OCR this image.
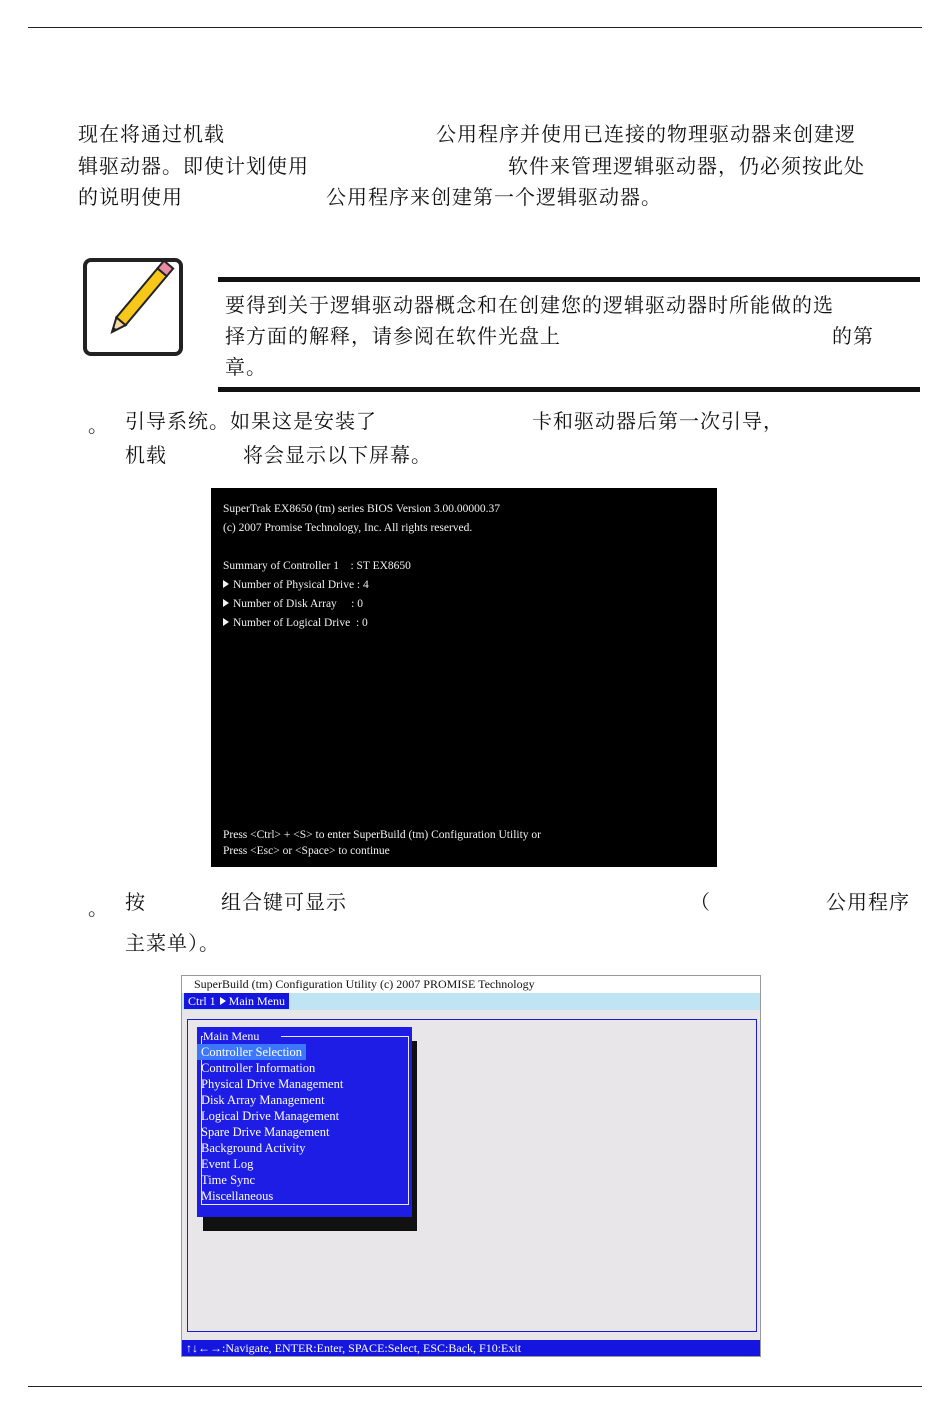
现在将通过机载	公用程序并使用已连接的物理驱动器来创建逻
辑驱动器。即使计划使用	软件来管理逻辑驱动器，仍必须按此处
的说明使用	公用程序来创建第一个逻辑驱动器。
要得到关于逻辑驱动器概念和在创建您的逻辑驱动器时所能做的选
择方面的解释，请参阅在软件光盘上	的第
章。
。 引导系统。如果这是安装了	卡和驱动器后第一次引导，
机载	将会显示以下屏幕。
SuperTrak EX8650 (tm) series BIOS Version 3.00.00000.37
(c) 2007 Promise Technology, Inc. All rights reserved.
Summary of Controller 1    : ST EX8650
Number of Physical Drive : 4
Number of Disk Array     : 0
Number of Logical Drive  : 0
Press <Ctrl> + <S> to enter SuperBuild (tm) Configuration Utility or
Press <Esc> or <Space> to continue
。 按	组合键可显示	（	公用程序
主菜单）。
SuperBuild (tm) Configuration Utility (c) 2007 PROMISE Technology
Ctrl 1 Main Menu
Main Menu
Controller Selection
Controller Information
Physical Drive Management
Disk Array Management
Logical Drive Management
Spare Drive Management
Background Activity
Event Log
Time Sync
Miscellaneous
↑↓←→:Navigate, ENTER:Enter, SPACE:Select, ESC:Back, F10:Exit
